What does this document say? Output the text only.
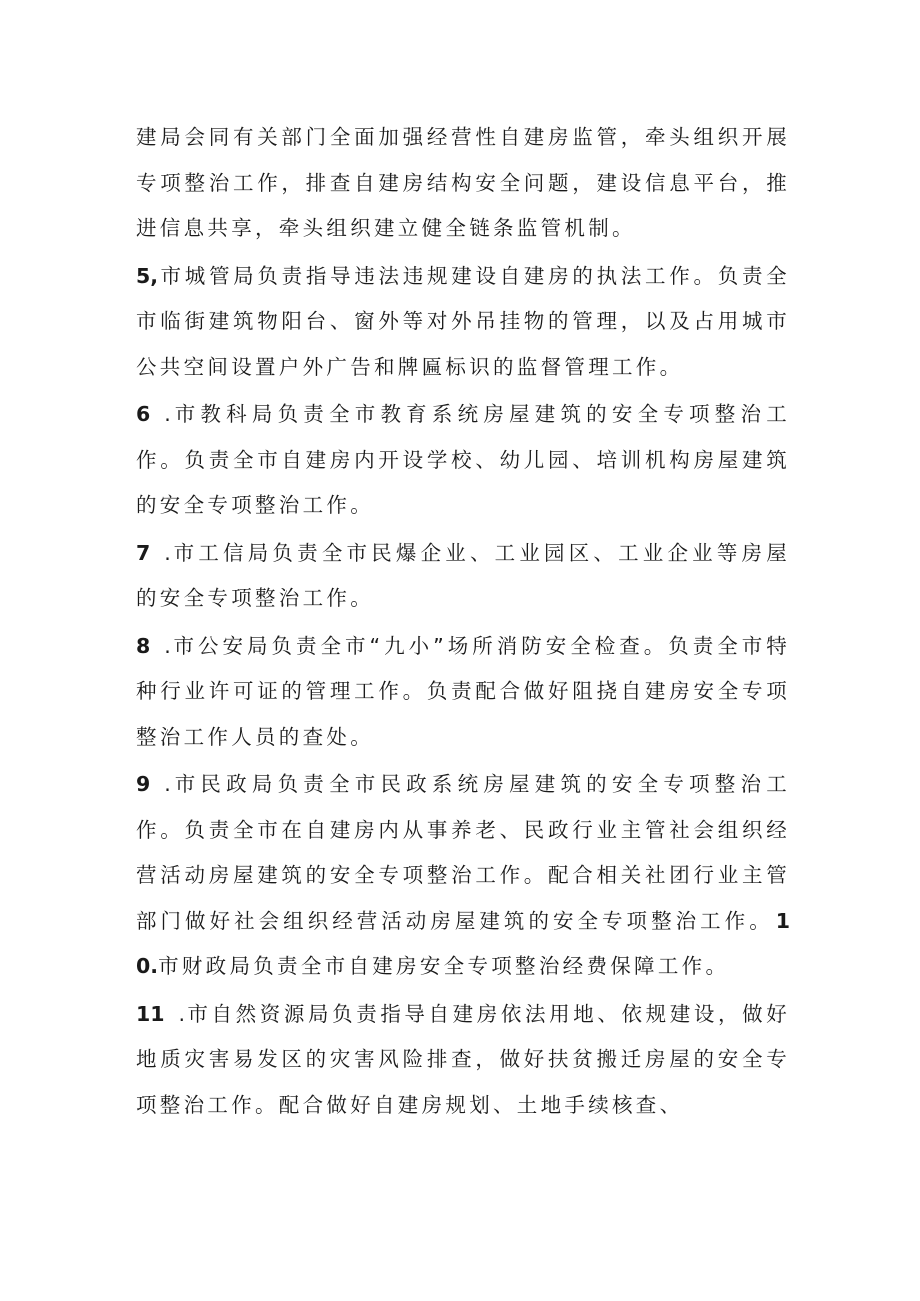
建局会同有关部门全面加强经营性自建房监管，牵头组织开展专项整治工作，排查自建房结构安全问题，建设信息平台，推进信息共享，牵头组织建立健全链条监管机制。

5,市城管局负责指导违法违规建设自建房的执法工作。负责全市临街建筑物阳台、窗外等对外吊挂物的管理，以及占用城市公共空间设置户外广告和牌匾标识的监督管理工作。

6 .市教科局负责全市教育系统房屋建筑的安全专项整治工作。负责全市自建房内开设学校、幼儿园、培训机构房屋建筑的安全专项整治工作。

7 .市工信局负责全市民爆企业、工业园区、工业企业等房屋的安全专项整治工作。

8 .市公安局负责全市“九小”场所消防安全检查。负责全市特种行业许可证的管理工作。负责配合做好阻挠自建房安全专项整治工作人员的查处。

9 .市民政局负责全市民政系统房屋建筑的安全专项整治工作。负责全市在自建房内从事养老、民政行业主管社会组织经营活动房屋建筑的安全专项整治工作。配合相关社团行业主管部门做好社会组织经营活动房屋建筑的安全专项整治工作。10.市财政局负责全市自建房安全专项整治经费保障工作。

11 .市自然资源局负责指导自建房依法用地、依规建设，做好地质灾害易发区的灾害风险排查，做好扶贫搬迁房屋的安全专项整治工作。配合做好自建房规划、土地手续核查、
